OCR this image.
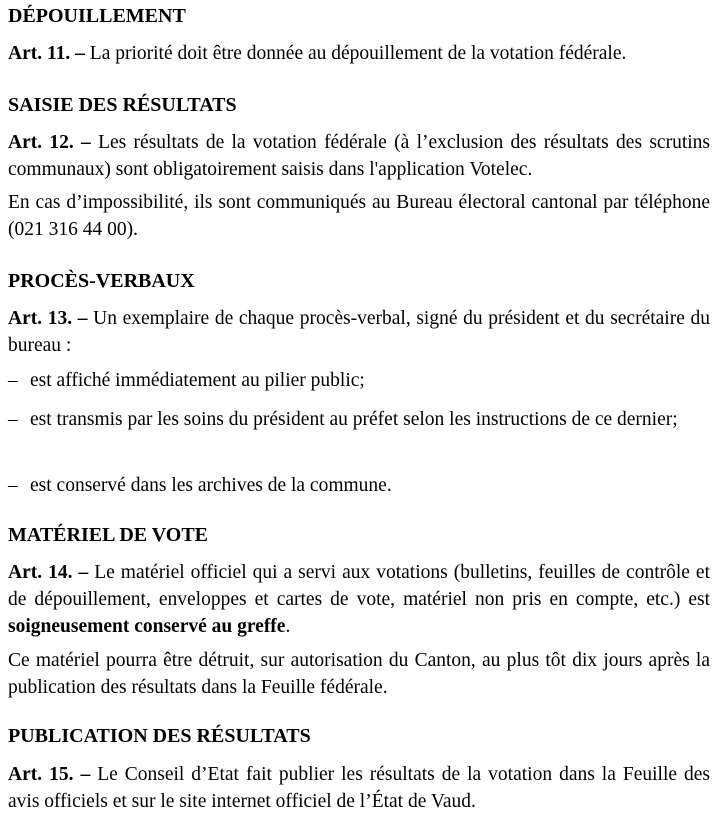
DÉPOUILLEMENT
Art. 11. – La priorité doit être donnée au dépouillement de la votation fédérale.
SAISIE DES RÉSULTATS
Art. 12. – Les résultats de la votation fédérale (à l’exclusion des résultats des scrutins communaux) sont obligatoirement saisis dans l'application Votelec.
En cas d’impossibilité, ils sont communiqués au Bureau électoral cantonal par téléphone (021 316 44 00).
PROCÈS-VERBAUX
Art. 13. – Un exemplaire de chaque procès-verbal, signé du président et du secrétaire du bureau :
– est affiché immédiatement au pilier public;
– est transmis par les soins du président au préfet selon les instructions de ce dernier;
– est conservé dans les archives de la commune.
MATÉRIEL DE VOTE
Art. 14. – Le matériel officiel qui a servi aux votations (bulletins, feuilles de contrôle et de dépouillement, enveloppes et cartes de vote, matériel non pris en compte, etc.) est soigneusement conservé au greffe.
Ce matériel pourra être détruit, sur autorisation du Canton, au plus tôt dix jours après la publication des résultats dans la Feuille fédérale.
PUBLICATION DES RÉSULTATS
Art. 15. – Le Conseil d’Etat fait publier les résultats de la votation dans la Feuille des avis officiels et sur le site internet officiel de l’État de Vaud.
